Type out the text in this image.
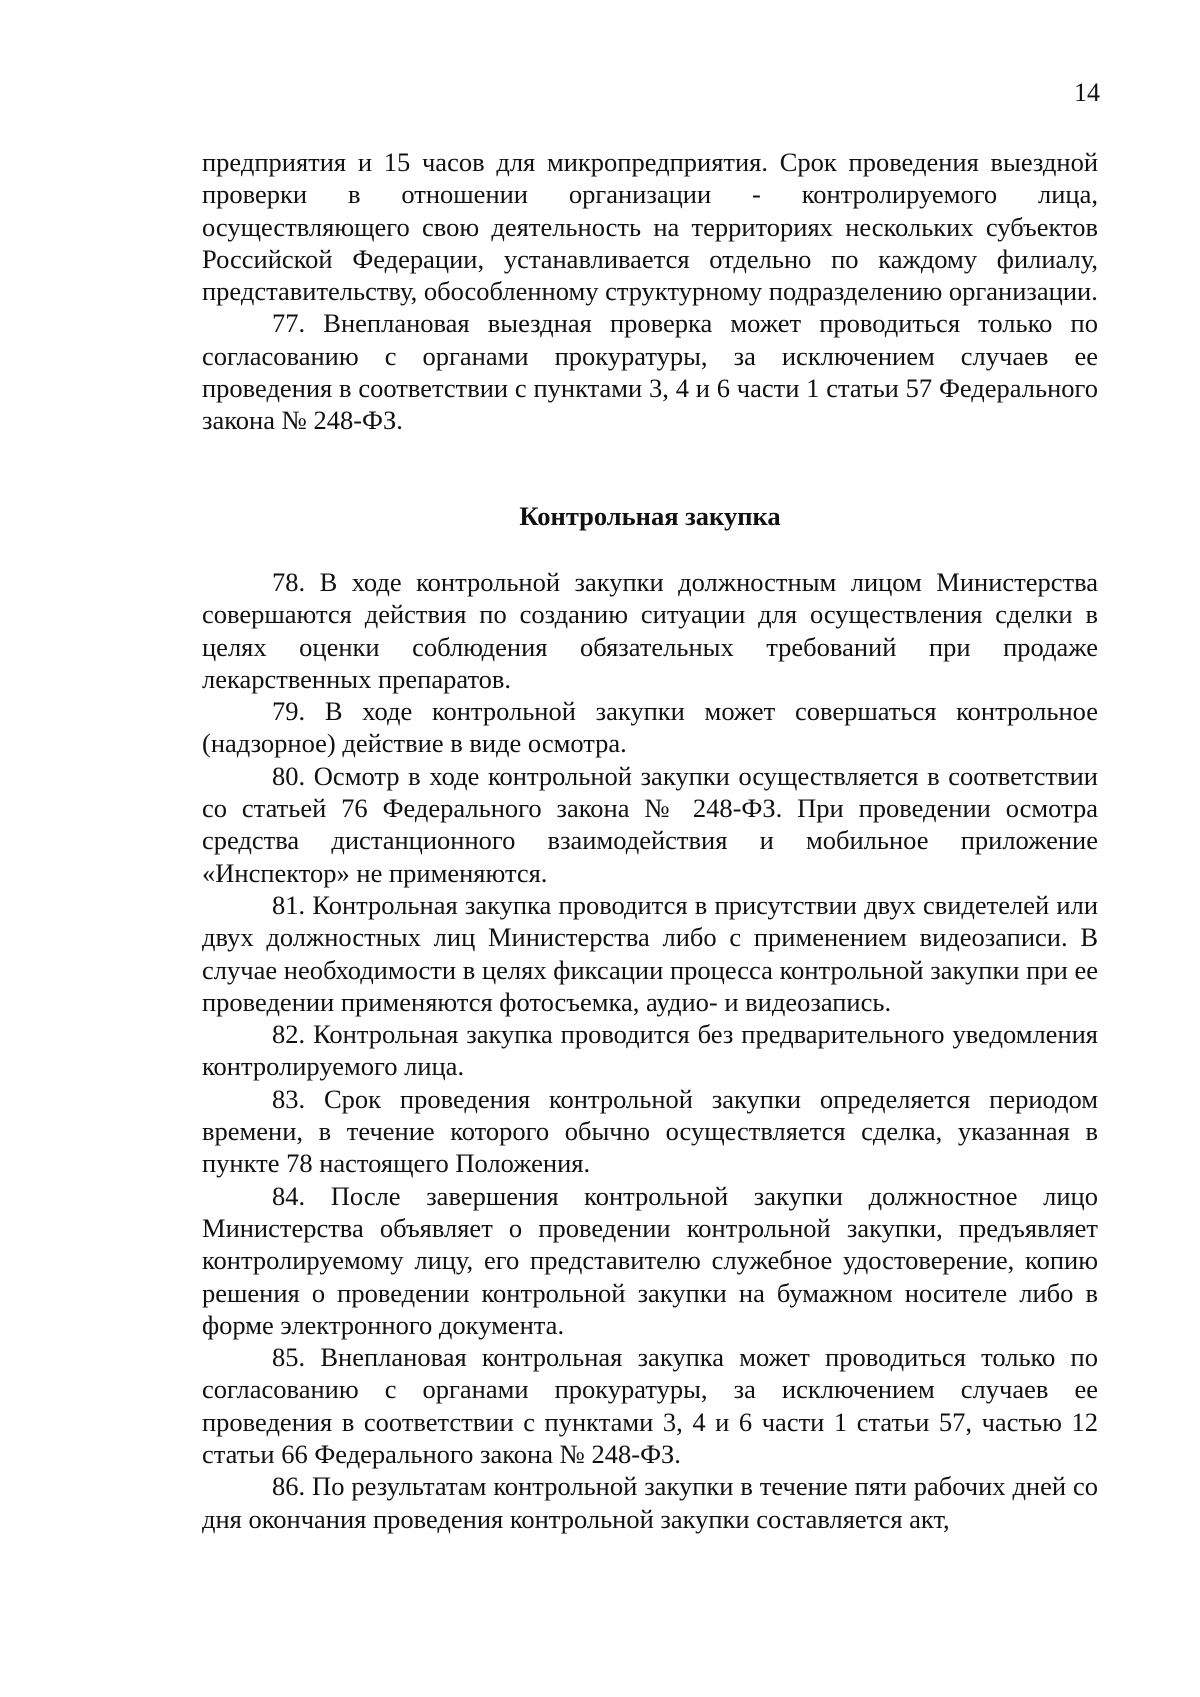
14

предприятия и 15 часов для микропредприятия. Срок проведения выездной проверки в отношении организации - контролируемого лица, осуществляющего свою деятельность на территориях нескольких субъектов Российской Федерации, устанавливается отдельно по каждому филиалу, представительству, обособленному структурному подразделению организации.

77. Внеплановая выездная проверка может проводиться только по согласованию с органами прокуратуры, за исключением случаев ее проведения в соответствии с пунктами 3, 4 и 6 части 1 статьи 57 Федерального закона № 248-ФЗ.

Контрольная закупка

78. В ходе контрольной закупки должностным лицом Министерства совершаются действия по созданию ситуации для осуществления сделки в целях оценки соблюдения обязательных требований при продаже лекарственных препаратов.

79. В ходе контрольной закупки может совершаться контрольное (надзорное) действие в виде осмотра.

80. Осмотр в ходе контрольной закупки осуществляется в соответствии со статьей 76 Федерального закона № 248-ФЗ. При проведении осмотра средства дистанционного взаимодействия и мобильное приложение «Инспектор» не применяются.

81. Контрольная закупка проводится в присутствии двух свидетелей или двух должностных лиц Министерства либо с применением видеозаписи. В случае необходимости в целях фиксации процесса контрольной закупки при ее проведении применяются фотосъемка, аудио- и видеозапись.

82. Контрольная закупка проводится без предварительного уведомления контролируемого лица.

83. Срок проведения контрольной закупки определяется периодом времени, в течение которого обычно осуществляется сделка, указанная в пункте 78 настоящего Положения.

84. После завершения контрольной закупки должностное лицо Министерства объявляет о проведении контрольной закупки, предъявляет контролируемому лицу, его представителю служебное удостоверение, копию решения о проведении контрольной закупки на бумажном носителе либо в форме электронного документа.

85. Внеплановая контрольная закупка может проводиться только по согласованию с органами прокуратуры, за исключением случаев ее проведения в соответствии с пунктами 3, 4 и 6 части 1 статьи 57, частью 12 статьи 66 Федерального закона № 248-ФЗ.

86. По результатам контрольной закупки в течение пяти рабочих дней со дня окончания проведения контрольной закупки составляется акт,
